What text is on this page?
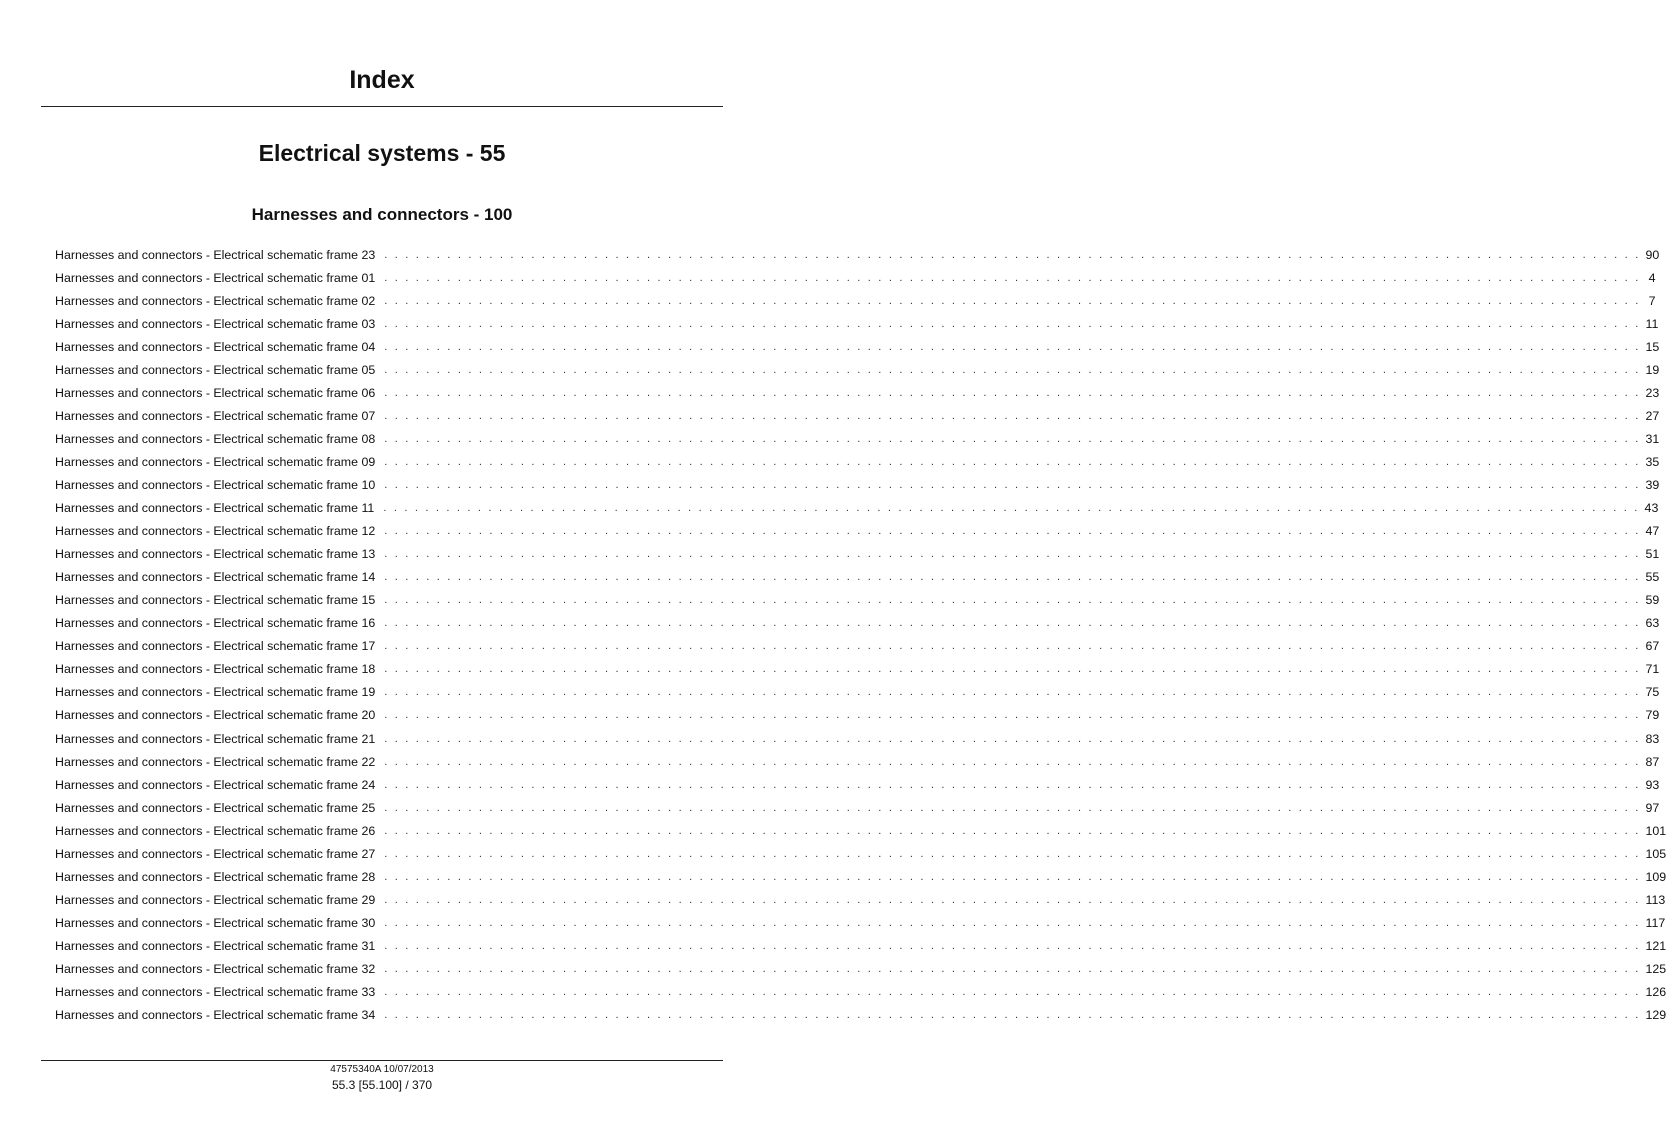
Index
Electrical systems - 55
Harnesses and connectors - 100
Harnesses and connectors - Electrical schematic frame 23 . . . . . . . . . . . . . . . . . . . . . . . . . . . . . . . . . . . . . . . . . . . . . . . . . . . . . . . . . . . . . . . . . . . . . . . . . . . . . . . . . . . . . . . . . . . . . . . . . . . . . . . . . . . . . . . . . . . . . . . . 90
Harnesses and connectors - Electrical schematic frame 01 . . . . . . . . . . . . . . . . . . . . . . . . . . . . . . . . . . . . . . . . . . . . . . . . . . . . . . . . . . . . . . . . . . . . . . . . . . . . . . . . . . . . . . . . . . . . . . . . . . . . . . . . . . . . . . . . . . . . . . . . 4
Harnesses and connectors - Electrical schematic frame 02 . . . . . . . . . . . . . . . . . . . . . . . . . . . . . . . . . . . . . . . . . . . . . . . . . . . . . . . . . . . . . . . . . . . . . . . . . . . . . . . . . . . . . . . . . . . . . . . . . . . . . . . . . . . . . . . . . . . . . . . . 7
Harnesses and connectors - Electrical schematic frame 03 . . . . . . . . . . . . . . . . . . . . . . . . . . . . . . . . . . . . . . . . . . . . . . . . . . . . . . . . . . . . . . . . . . . . . . . . . . . . . . . . . . . . . . . . . . . . . . . . . . . . . . . . . . . . . . . . . . . . . . . . 11
Harnesses and connectors - Electrical schematic frame 04 . . . . . . . . . . . . . . . . . . . . . . . . . . . . . . . . . . . . . . . . . . . . . . . . . . . . . . . . . . . . . . . . . . . . . . . . . . . . . . . . . . . . . . . . . . . . . . . . . . . . . . . . . . . . . . . . . . . . . . . . 15
Harnesses and connectors - Electrical schematic frame 05 . . . . . . . . . . . . . . . . . . . . . . . . . . . . . . . . . . . . . . . . . . . . . . . . . . . . . . . . . . . . . . . . . . . . . . . . . . . . . . . . . . . . . . . . . . . . . . . . . . . . . . . . . . . . . . . . . . . . . . . . 19
Harnesses and connectors - Electrical schematic frame 06 . . . . . . . . . . . . . . . . . . . . . . . . . . . . . . . . . . . . . . . . . . . . . . . . . . . . . . . . . . . . . . . . . . . . . . . . . . . . . . . . . . . . . . . . . . . . . . . . . . . . . . . . . . . . . . . . . . . . . . . . 23
Harnesses and connectors - Electrical schematic frame 07 . . . . . . . . . . . . . . . . . . . . . . . . . . . . . . . . . . . . . . . . . . . . . . . . . . . . . . . . . . . . . . . . . . . . . . . . . . . . . . . . . . . . . . . . . . . . . . . . . . . . . . . . . . . . . . . . . . . . . . . . 27
Harnesses and connectors - Electrical schematic frame 08 . . . . . . . . . . . . . . . . . . . . . . . . . . . . . . . . . . . . . . . . . . . . . . . . . . . . . . . . . . . . . . . . . . . . . . . . . . . . . . . . . . . . . . . . . . . . . . . . . . . . . . . . . . . . . . . . . . . . . . . . 31
Harnesses and connectors - Electrical schematic frame 09 . . . . . . . . . . . . . . . . . . . . . . . . . . . . . . . . . . . . . . . . . . . . . . . . . . . . . . . . . . . . . . . . . . . . . . . . . . . . . . . . . . . . . . . . . . . . . . . . . . . . . . . . . . . . . . . . . . . . . . . . 35
Harnesses and connectors - Electrical schematic frame 10 . . . . . . . . . . . . . . . . . . . . . . . . . . . . . . . . . . . . . . . . . . . . . . . . . . . . . . . . . . . . . . . . . . . . . . . . . . . . . . . . . . . . . . . . . . . . . . . . . . . . . . . . . . . . . . . . . . . . . . . . 39
Harnesses and connectors - Electrical schematic frame 11 . . . . . . . . . . . . . . . . . . . . . . . . . . . . . . . . . . . . . . . . . . . . . . . . . . . . . . . . . . . . . . . . . . . . . . . . . . . . . . . . . . . . . . . . . . . . . . . . . . . . . . . . . . . . . . . . . . . . . . . . 43
Harnesses and connectors - Electrical schematic frame 12 . . . . . . . . . . . . . . . . . . . . . . . . . . . . . . . . . . . . . . . . . . . . . . . . . . . . . . . . . . . . . . . . . . . . . . . . . . . . . . . . . . . . . . . . . . . . . . . . . . . . . . . . . . . . . . . . . . . . . . . . 47
Harnesses and connectors - Electrical schematic frame 13 . . . . . . . . . . . . . . . . . . . . . . . . . . . . . . . . . . . . . . . . . . . . . . . . . . . . . . . . . . . . . . . . . . . . . . . . . . . . . . . . . . . . . . . . . . . . . . . . . . . . . . . . . . . . . . . . . . . . . . . . 51
Harnesses and connectors - Electrical schematic frame 14 . . . . . . . . . . . . . . . . . . . . . . . . . . . . . . . . . . . . . . . . . . . . . . . . . . . . . . . . . . . . . . . . . . . . . . . . . . . . . . . . . . . . . . . . . . . . . . . . . . . . . . . . . . . . . . . . . . . . . . . . 55
Harnesses and connectors - Electrical schematic frame 15 . . . . . . . . . . . . . . . . . . . . . . . . . . . . . . . . . . . . . . . . . . . . . . . . . . . . . . . . . . . . . . . . . . . . . . . . . . . . . . . . . . . . . . . . . . . . . . . . . . . . . . . . . . . . . . . . . . . . . . . . 59
Harnesses and connectors - Electrical schematic frame 16 . . . . . . . . . . . . . . . . . . . . . . . . . . . . . . . . . . . . . . . . . . . . . . . . . . . . . . . . . . . . . . . . . . . . . . . . . . . . . . . . . . . . . . . . . . . . . . . . . . . . . . . . . . . . . . . . . . . . . . . . 63
Harnesses and connectors - Electrical schematic frame 17 . . . . . . . . . . . . . . . . . . . . . . . . . . . . . . . . . . . . . . . . . . . . . . . . . . . . . . . . . . . . . . . . . . . . . . . . . . . . . . . . . . . . . . . . . . . . . . . . . . . . . . . . . . . . . . . . . . . . . . . . 67
Harnesses and connectors - Electrical schematic frame 18 . . . . . . . . . . . . . . . . . . . . . . . . . . . . . . . . . . . . . . . . . . . . . . . . . . . . . . . . . . . . . . . . . . . . . . . . . . . . . . . . . . . . . . . . . . . . . . . . . . . . . . . . . . . . . . . . . . . . . . . . 71
Harnesses and connectors - Electrical schematic frame 19 . . . . . . . . . . . . . . . . . . . . . . . . . . . . . . . . . . . . . . . . . . . . . . . . . . . . . . . . . . . . . . . . . . . . . . . . . . . . . . . . . . . . . . . . . . . . . . . . . . . . . . . . . . . . . . . . . . . . . . . . 75
Harnesses and connectors - Electrical schematic frame 20 . . . . . . . . . . . . . . . . . . . . . . . . . . . . . . . . . . . . . . . . . . . . . . . . . . . . . . . . . . . . . . . . . . . . . . . . . . . . . . . . . . . . . . . . . . . . . . . . . . . . . . . . . . . . . . . . . . . . . . . . 79
Harnesses and connectors - Electrical schematic frame 21 . . . . . . . . . . . . . . . . . . . . . . . . . . . . . . . . . . . . . . . . . . . . . . . . . . . . . . . . . . . . . . . . . . . . . . . . . . . . . . . . . . . . . . . . . . . . . . . . . . . . . . . . . . . . . . . . . . . . . . . . 83
Harnesses and connectors - Electrical schematic frame 22 . . . . . . . . . . . . . . . . . . . . . . . . . . . . . . . . . . . . . . . . . . . . . . . . . . . . . . . . . . . . . . . . . . . . . . . . . . . . . . . . . . . . . . . . . . . . . . . . . . . . . . . . . . . . . . . . . . . . . . . . 87
Harnesses and connectors - Electrical schematic frame 24 . . . . . . . . . . . . . . . . . . . . . . . . . . . . . . . . . . . . . . . . . . . . . . . . . . . . . . . . . . . . . . . . . . . . . . . . . . . . . . . . . . . . . . . . . . . . . . . . . . . . . . . . . . . . . . . . . . . . . . . . 93
Harnesses and connectors - Electrical schematic frame 25 . . . . . . . . . . . . . . . . . . . . . . . . . . . . . . . . . . . . . . . . . . . . . . . . . . . . . . . . . . . . . . . . . . . . . . . . . . . . . . . . . . . . . . . . . . . . . . . . . . . . . . . . . . . . . . . . . . . . . . . . 97
Harnesses and connectors - Electrical schematic frame 26 . . . . . . . . . . . . . . . . . . . . . . . . . . . . . . . . . . . . . . . . . . . . . . . . . . . . . . . . . . . . . . . . . . . . . . . . . . . . . . . . . . . . . . . . . . . . . . . . . . . . . . . . . . . . . . . . . . . . . . . . 101
Harnesses and connectors - Electrical schematic frame 27 . . . . . . . . . . . . . . . . . . . . . . . . . . . . . . . . . . . . . . . . . . . . . . . . . . . . . . . . . . . . . . . . . . . . . . . . . . . . . . . . . . . . . . . . . . . . . . . . . . . . . . . . . . . . . . . . . . . . . . . . 105
Harnesses and connectors - Electrical schematic frame 28 . . . . . . . . . . . . . . . . . . . . . . . . . . . . . . . . . . . . . . . . . . . . . . . . . . . . . . . . . . . . . . . . . . . . . . . . . . . . . . . . . . . . . . . . . . . . . . . . . . . . . . . . . . . . . . . . . . . . . . . . 109
Harnesses and connectors - Electrical schematic frame 29 . . . . . . . . . . . . . . . . . . . . . . . . . . . . . . . . . . . . . . . . . . . . . . . . . . . . . . . . . . . . . . . . . . . . . . . . . . . . . . . . . . . . . . . . . . . . . . . . . . . . . . . . . . . . . . . . . . . . . . . . 113
Harnesses and connectors - Electrical schematic frame 30 . . . . . . . . . . . . . . . . . . . . . . . . . . . . . . . . . . . . . . . . . . . . . . . . . . . . . . . . . . . . . . . . . . . . . . . . . . . . . . . . . . . . . . . . . . . . . . . . . . . . . . . . . . . . . . . . . . . . . . . . 117
Harnesses and connectors - Electrical schematic frame 31 . . . . . . . . . . . . . . . . . . . . . . . . . . . . . . . . . . . . . . . . . . . . . . . . . . . . . . . . . . . . . . . . . . . . . . . . . . . . . . . . . . . . . . . . . . . . . . . . . . . . . . . . . . . . . . . . . . . . . . . . 121
Harnesses and connectors - Electrical schematic frame 32 . . . . . . . . . . . . . . . . . . . . . . . . . . . . . . . . . . . . . . . . . . . . . . . . . . . . . . . . . . . . . . . . . . . . . . . . . . . . . . . . . . . . . . . . . . . . . . . . . . . . . . . . . . . . . . . . . . . . . . . . 125
Harnesses and connectors - Electrical schematic frame 33 . . . . . . . . . . . . . . . . . . . . . . . . . . . . . . . . . . . . . . . . . . . . . . . . . . . . . . . . . . . . . . . . . . . . . . . . . . . . . . . . . . . . . . . . . . . . . . . . . . . . . . . . . . . . . . . . . . . . . . . . 126
Harnesses and connectors - Electrical schematic frame 34 . . . . . . . . . . . . . . . . . . . . . . . . . . . . . . . . . . . . . . . . . . . . . . . . . . . . . . . . . . . . . . . . . . . . . . . . . . . . . . . . . . . . . . . . . . . . . . . . . . . . . . . . . . . . . . . . . . . . . . . . 129
47575340A 10/07/2013
55.3 [55.100] / 370
